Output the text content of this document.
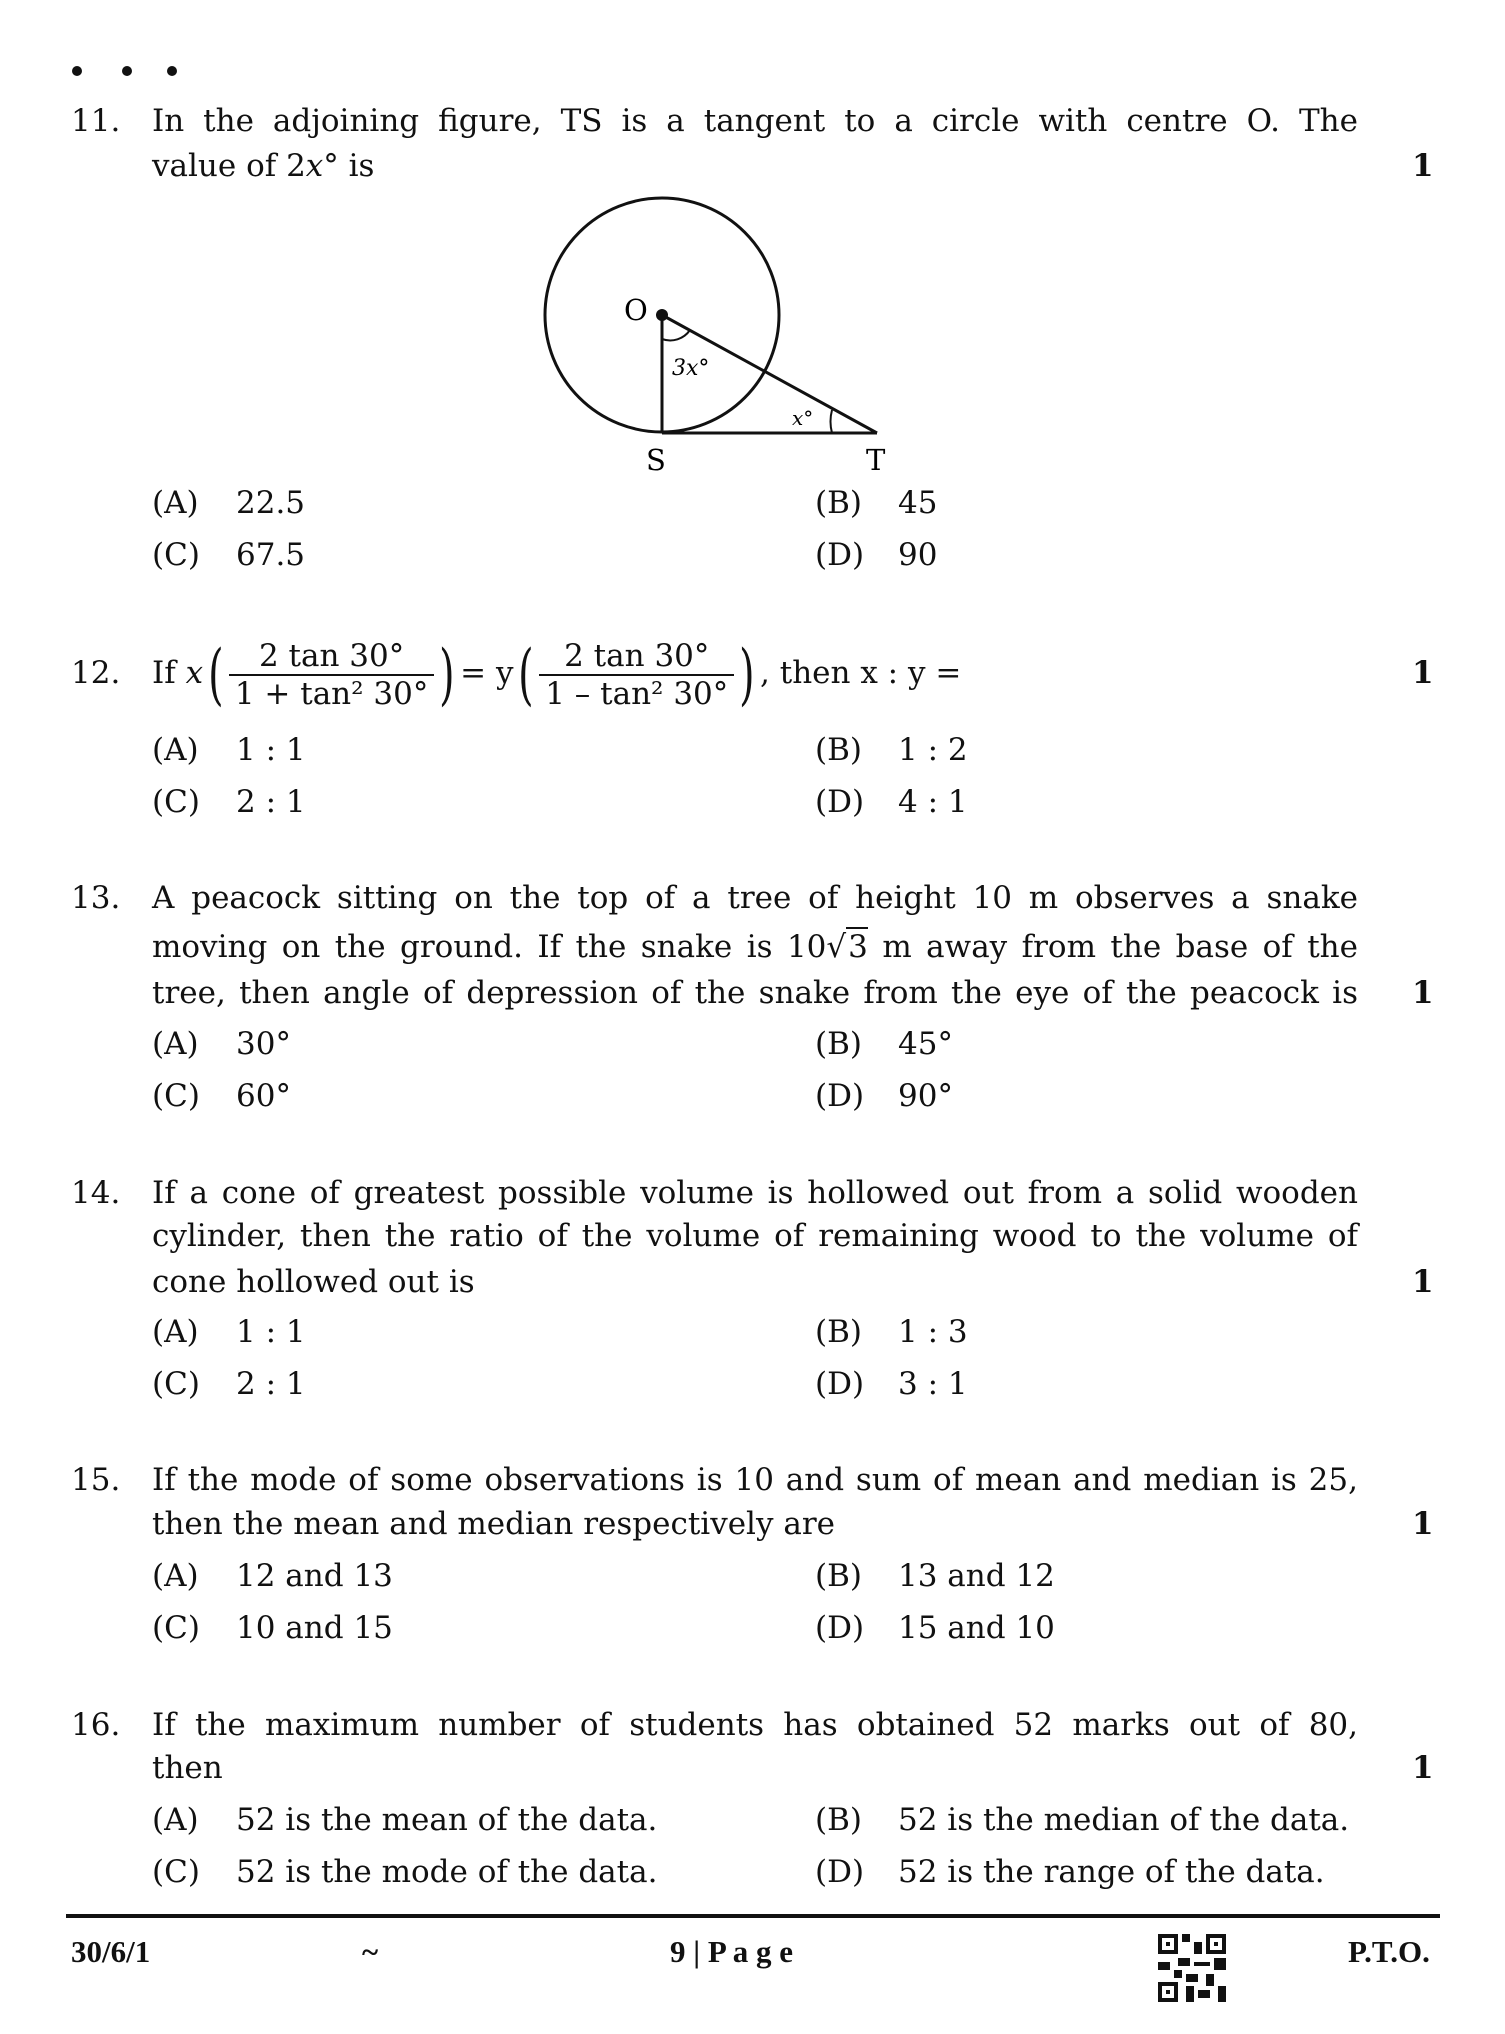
11. In the adjoining figure, TS is a tangent to a circle with centre O. The
value of 2x° is	1
O
3x°
x°
S	T
(A) 22.5	(B) 45
(C) 67.5	(D) 90
12. If $x( \frac{2 \tan 30^\circ}{\text{1 + tan² 30°}}$ ) = $y( \frac{2 \tan 30^\circ}{\text{1 – tan² 30°}}$ ) , then x : y =	1
(A) 1 : 1	(B) 1 : 2
(C) 2 : 1	(D) 4 : 1
13. A peacock sitting on the top of a tree of height 10 m observes a snake
moving on the ground. If the snake is 10√3 m away from the base of the
tree, then angle of depression of the snake from the eye of the peacock is 1
(A) 30°	(B) 45°
(C) 60°	(D) 90°
14. If a cone of greatest possible volume is hollowed out from a solid wooden
cylinder, then the ratio of the volume of remaining wood to the volume of
cone hollowed out is	1
(A) 1 : 1	(B) 1 : 3
(C) 2 : 1	(D) 3 : 1
15. If the mode of some observations is 10 and sum of mean and median is 25,
then the mean and median respectively are	1
(A) 12 and 13	(B) 13 and 12
(C) 10 and 15	(D) 15 and 10
16. If the maximum number of students has obtained 52 marks out of 80,
then	1
(A) 52 is the mean of the data.	(B) 52 is the median of the data.
(C) 52 is the mode of the data.	(D) 52 is the range of the data.
30/6/1	~	9 | P a g e	P.T.O.
